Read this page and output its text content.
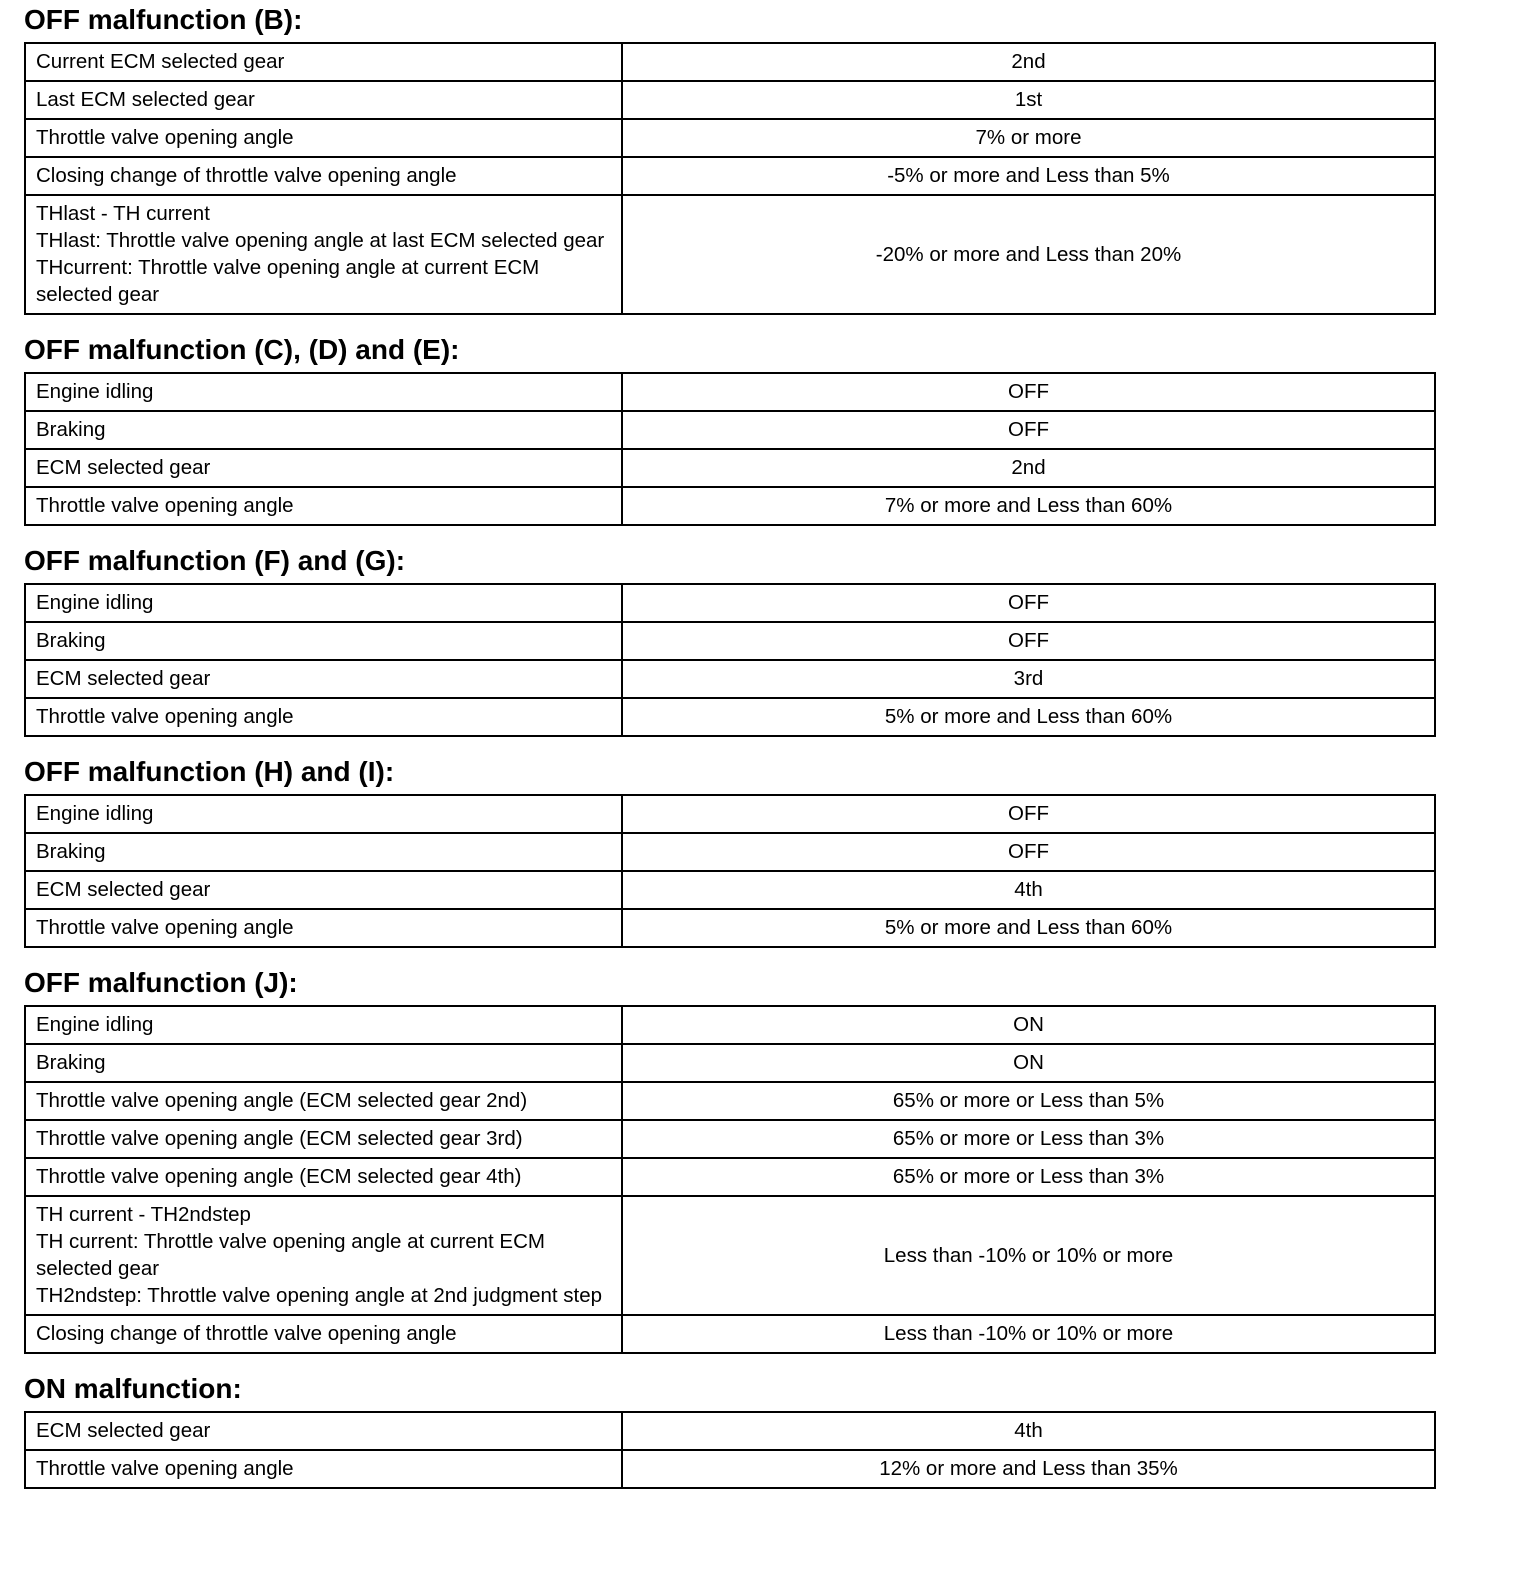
OFF malfunction (B):
Current ECM selected gear	2nd
Last ECM selected gear	1st
Throttle valve opening angle	7% or more
Closing change of throttle valve opening angle	-5% or more and Less than 5%
THlast - TH current
THlast: Throttle valve opening angle at last ECM selected gear
THcurrent: Throttle valve opening angle at current ECM selected gear	-20% or more and Less than 20%
OFF malfunction (C), (D) and (E):
Engine idling	OFF
Braking	OFF
ECM selected gear	2nd
Throttle valve opening angle	7% or more and Less than 60%
OFF malfunction (F) and (G):
Engine idling	OFF
Braking	OFF
ECM selected gear	3rd
Throttle valve opening angle	5% or more and Less than 60%
OFF malfunction (H) and (I):
Engine idling	OFF
Braking	OFF
ECM selected gear	4th
Throttle valve opening angle	5% or more and Less than 60%
OFF malfunction (J):
Engine idling	ON
Braking	ON
Throttle valve opening angle (ECM selected gear 2nd)	65% or more or Less than 5%
Throttle valve opening angle (ECM selected gear 3rd)	65% or more or Less than 3%
Throttle valve opening angle (ECM selected gear 4th)	65% or more or Less than 3%
TH current - TH2ndstep
TH current: Throttle valve opening angle at current ECM selected gear
TH2ndstep: Throttle valve opening angle at 2nd judgment step	Less than -10% or 10% or more
Closing change of throttle valve opening angle	Less than -10% or 10% or more
ON malfunction:
ECM selected gear	4th
Throttle valve opening angle	12% or more and Less than 35%
